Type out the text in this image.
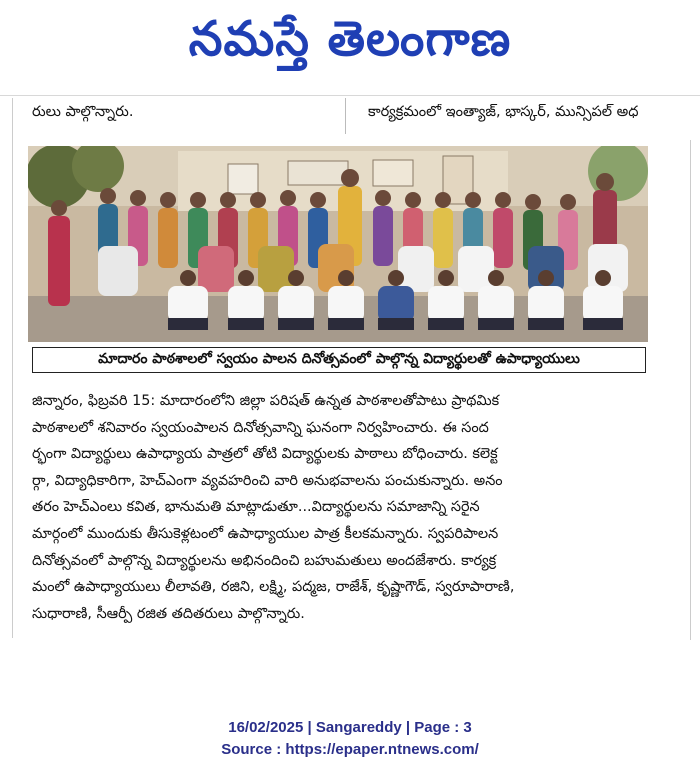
నమస్తే తెలంగాణ
రులు పాల్గొన్నారు.	కార్యక్రమంలో ఇంత్యాజ్, భాస్కర్, మున్సిపల్ అధ
మాదారం పాఠశాలలో స్వయం పాలన దినోత్సవంలో పాల్గొన్న విద్యార్థులతో ఉపాధ్యాయులు
జిన్నారం, ఫిబ్రవరి 15: మాదారంలోని జిల్లా పరిషత్ ఉన్నత పాఠశాలతోపాటు ప్రాథమిక
పాఠశాలలో శనివారం స్వయంపాలన దినోత్సవాన్ని ఘనంగా నిర్వహించారు. ఈ సంద
ర్భంగా విద్యార్థులు ఉపాధ్యాయ పాత్రలో తోటి విద్యార్థులకు పాఠాలు బోధించారు. కలెక్ట
ర్గా, విద్యాధికారిగా, హెచ్ఎంగా వ్యవహరించి వారి అనుభవాలను పంచుకున్నారు. అనం
తరం హెచ్ఎంలు కవిత, భానుమతి మాట్లాడుతూ...విద్యార్థులను సమాజాన్ని సరైన
మార్గంలో ముందుకు తీసుకెళ్లటంలో ఉపాధ్యాయుల పాత్ర కీలకమన్నారు. స్వపరిపాలన
దినోత్సవంలో పాల్గొన్న విద్యార్థులను అభినందించి బహుమతులు అందజేశారు. కార్యక్ర
మంలో ఉపాధ్యాయులు లీలావతి, రజిని, లక్ష్మి, పద్మజ, రాజేశ్, కృష్ణాగౌడ్, స్వరూపారాణి,
సుధారాణి, సీఆర్పీ రజిత తదితరులు పాల్గొన్నారు.
16/02/2025 | Sangareddy | Page : 3
Source : https://epaper.ntnews.com/
